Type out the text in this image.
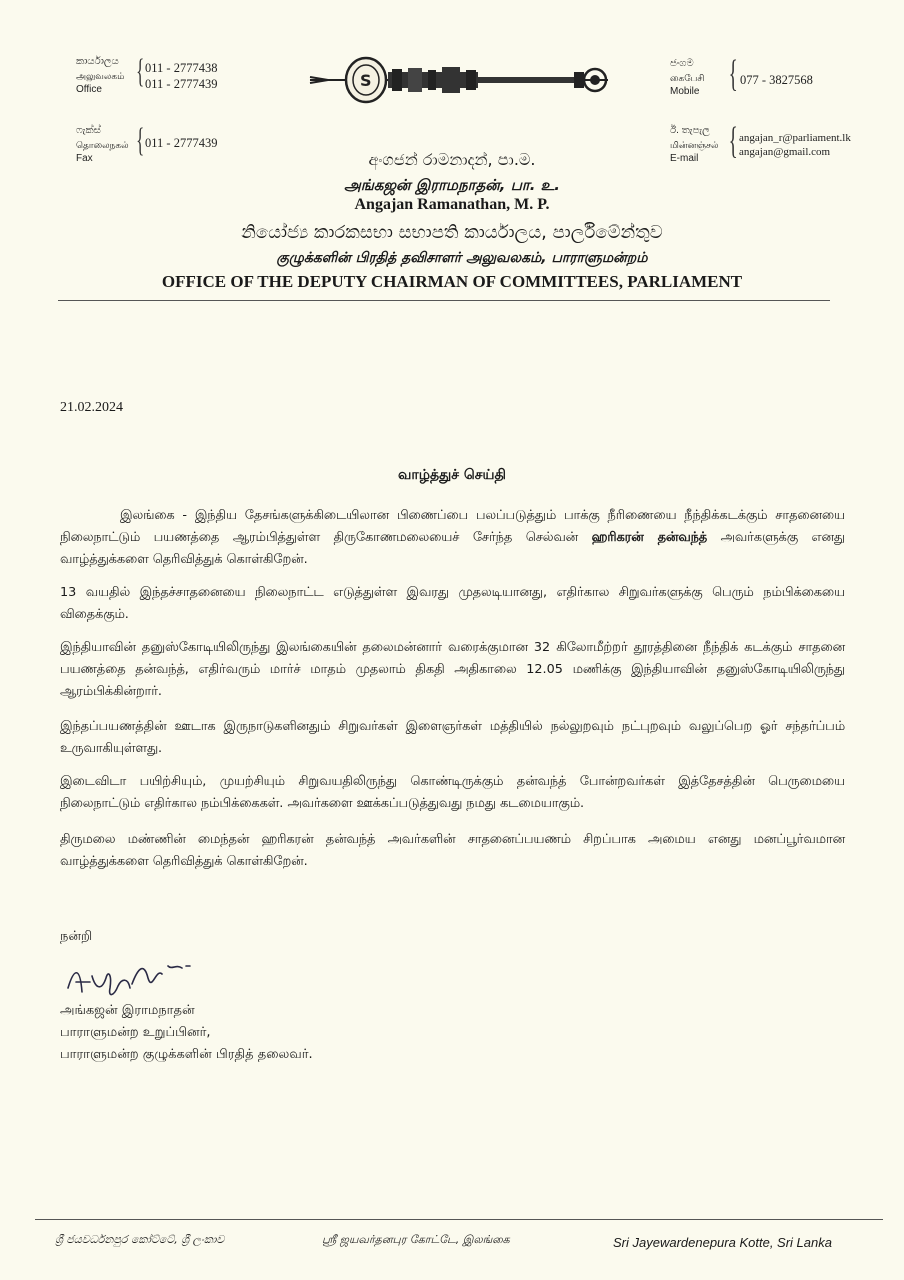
කාර්යාලය
அலுவலகம்
Office	{ 011 - 2777438
011 - 2777439
ෆැක්ස්
தொலைநகல்
Fax	{ 011 - 2777439
S
ජංගම
கைபேசி
Mobile { 077 - 3827568
ඊ. තැපැල
மின்னஞ்சல்
E-mail { angajan_r@parliament.lk
angajan@gmail.com
අංගජන් රාමනාදන්, පා.ම.
அங்கஜன் இராமநாதன், பா. உ.
Angajan Ramanathan, M. P.
නියෝජ්‍ය කාරකසභා සභාපති කාර්යාලය, පාර්ලිමේන්තුව
குழுக்களின் பிரதித் தவிசாளர் அலுவலகம், பாராளுமன்றம்
OFFICE OF THE DEPUTY CHAIRMAN OF COMMITTEES, PARLIAMENT
21.02.2024
வாழ்த்துச் செய்தி
இலங்கை - இந்திய தேசங்களுக்கிடையிலான பிணைப்பை பலப்படுத்தும் பாக்கு நீரிணையை நீந்திக்கடக்கும் சாதனையை நிலைநாட்டும் பயணத்தை ஆரம்பித்துள்ள திருகோணமலையைச் சேர்ந்த செல்வன் ஹரிகரன் தன்வந்த் அவர்களுக்கு எனது வாழ்த்துக்களை தெரிவித்துக் கொள்கிறேன்.
13 வயதில் இந்தச்சாதனையை நிலைநாட்ட எடுத்துள்ள இவரது முதலடியானது, எதிர்கால சிறுவர்களுக்கு பெரும் நம்பிக்கையை விதைக்கும்.
இந்தியாவின் தனுஸ்கோடியிலிருந்து இலங்கையின் தலைமன்னார் வரைக்குமான 32 கிலோமீற்றர் தூரத்தினை நீந்திக் கடக்கும் சாதனை பயணத்தை தன்வந்த், எதிர்வரும் மார்ச் மாதம் முதலாம் திகதி அதிகாலை 12.05 மணிக்கு இந்தியாவின் தனுஸ்கோடியிலிருந்து ஆரம்பிக்கின்றார்.
இந்தப்பயணத்தின் ஊடாக இருநாடுகளினதும் சிறுவர்கள் இளைஞர்கள் மத்தியில் நல்லுறவும் நட்புறவும் வலுப்பெற ஓர் சந்தர்ப்பம் உருவாகியுள்ளது.
இடைவிடா பயிற்சியும், முயற்சியும் சிறுவயதிலிருந்து கொண்டிருக்கும் தன்வந்த் போன்றவர்கள் இத்தேசத்தின் பெருமையை நிலைநாட்டும் எதிர்கால நம்பிக்கைகள். அவர்களை ஊக்கப்படுத்துவது நமது கடமையாகும்.
திருமலை மண்ணின் மைந்தன் ஹரிகரன் தன்வந்த் அவர்களின் சாதனைப்பயணம் சிறப்பாக அமைய எனது மனப்பூர்வமான வாழ்த்துக்களை தெரிவித்துக் கொள்கிறேன்.
நன்றி
அங்கஜன் இராமநாதன்
பாராளுமன்ற உறுப்பினர்,
பாராளுமன்ற குழுக்களின் பிரதித் தலைவர்.
ශ්‍රී ජයවර්ධනපුර කෝට්ටේ, ශ්‍රී ලංකාව	ஸ்ரீ ஜயவர்தனபுர கோட்டே, இலங்கை	Sri Jayewardenepura Kotte, Sri Lanka
